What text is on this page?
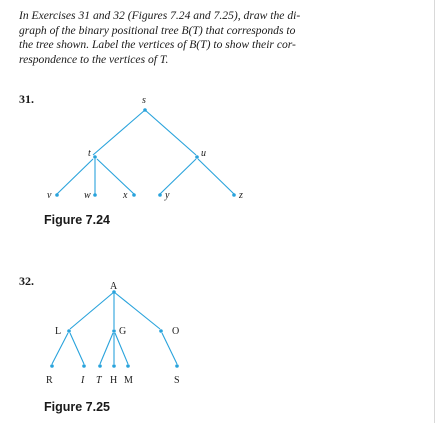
In Exercises 31 and 32 (Figures 7.24 and 7.25), draw the di-
graph of the binary positional tree B(T) that corresponds to
the tree shown. Label the vertices of B(T) to show their cor-
respondence to the vertices of T.
31.	s
t	u
v	w	x	y	z
Figure 7.24
32.	A
L	G	O
R	I T H M	S
Figure 7.25
